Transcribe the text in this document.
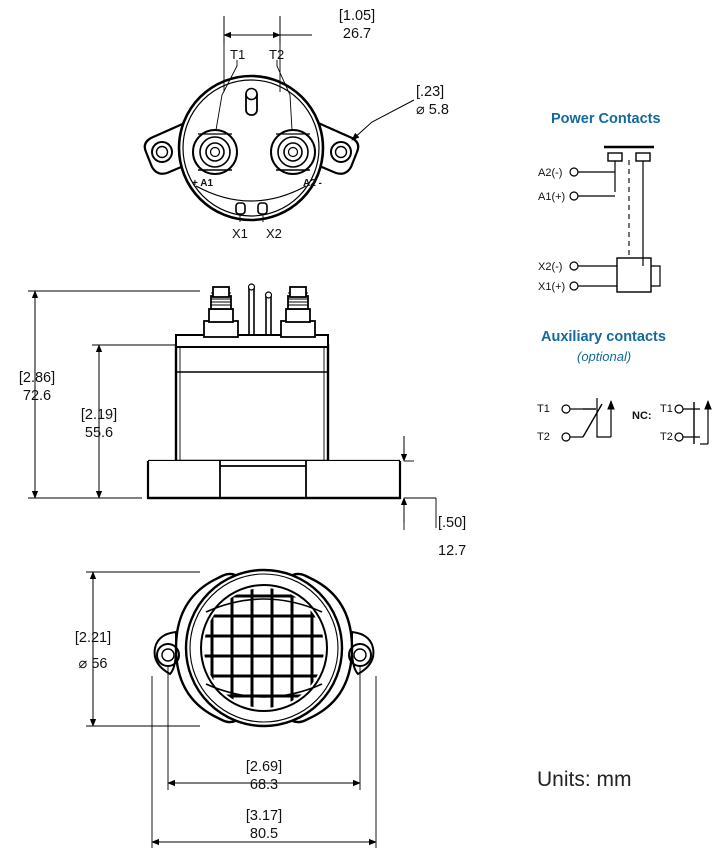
[1.05]
26.7
T1 T2
X1 X2
+ A1	A2 -
[.23]
⌀ 5.8
[2.86]
72.6
[2.19]
55.6
[.50]
12.7
[2.21]
⌀ 56
[2.69]
68.3
[3.17]
80.5
Power Contacts
A2(-)
A1(+)
X2(-)
X1(+)
Auxiliary contacts
(optional)
T1
T2
NC:
T1
T2
Units: mm
